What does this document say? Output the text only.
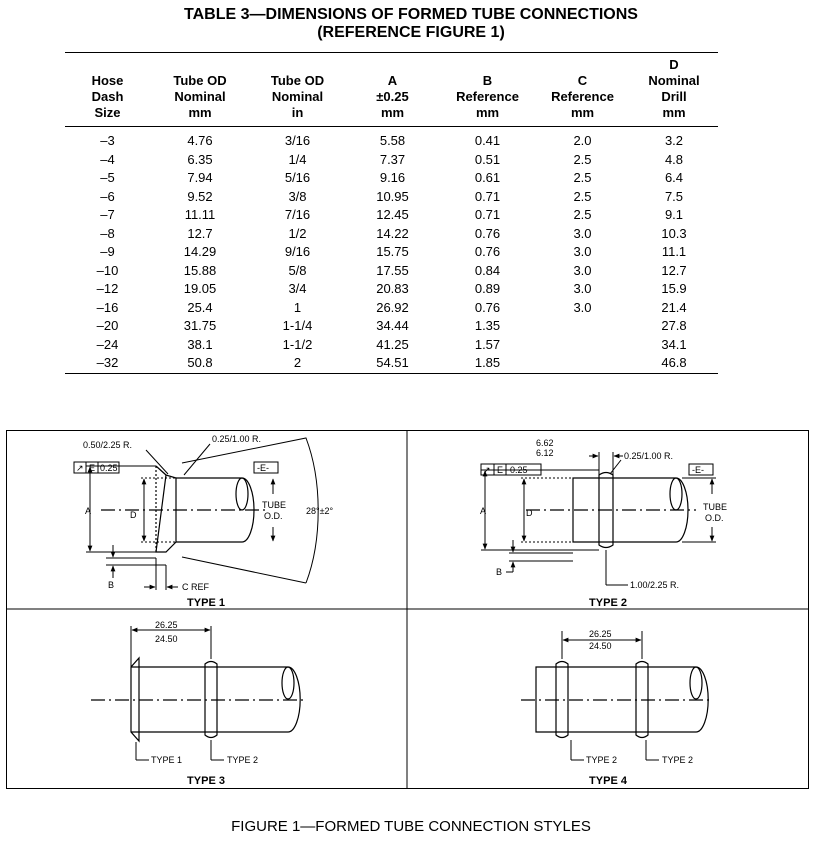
TABLE 3—DIMENSIONS OF FORMED TUBE CONNECTIONS
(REFERENCE FIGURE 1)
Hose
Dash
Size	Tube OD
Nominal
mm	Tube OD
Nominal
in	A
±0.25
mm	B
Reference
mm	C
Reference
mm	D
Nominal
Drill
mm

–3	4.76	3/16	5.58	0.41	2.0	3.2
–4	6.35	1/4	7.37	0.51	2.5	4.8
–5	7.94	5/16	9.16	0.61	2.5	6.4
–6	9.52	3/8	10.95	0.71	2.5	7.5
–7	11.11	7/16	12.45	0.71	2.5	9.1
–8	12.7	1/2	14.22	0.76	3.0	10.3
–9	14.29	9/16	15.75	0.76	3.0	11.1
–10	15.88	5/8	17.55	0.84	3.0	12.7
–12	19.05	3/4	20.83	0.89	3.0	15.9
–16	25.4	1	26.92	0.76	3.0	21.4
–20	31.75	1-1/4	34.44	1.35		27.8
–24	38.1	1-1/2	41.25	1.57		34.1
–32	50.8	2	54.51	1.85		46.8
0.50/2.25 R.
0.25/1.00 R.
↗ E 0.25	-E-
A	D
B
TUBE
O.D.	28°±2°
C REF
TYPE 1
6.62
6.12	0.25/1.00 R.
↗ E 0.25	-E-
A	D
B
TUBE
O.D.
1.00/2.25 R.
TYPE 2
26.25
24.50
TYPE 1	TYPE 2
TYPE 3
26.25
24.50
TYPE 2	TYPE 2
TYPE 4
FIGURE 1—FORMED TUBE CONNECTION STYLES
